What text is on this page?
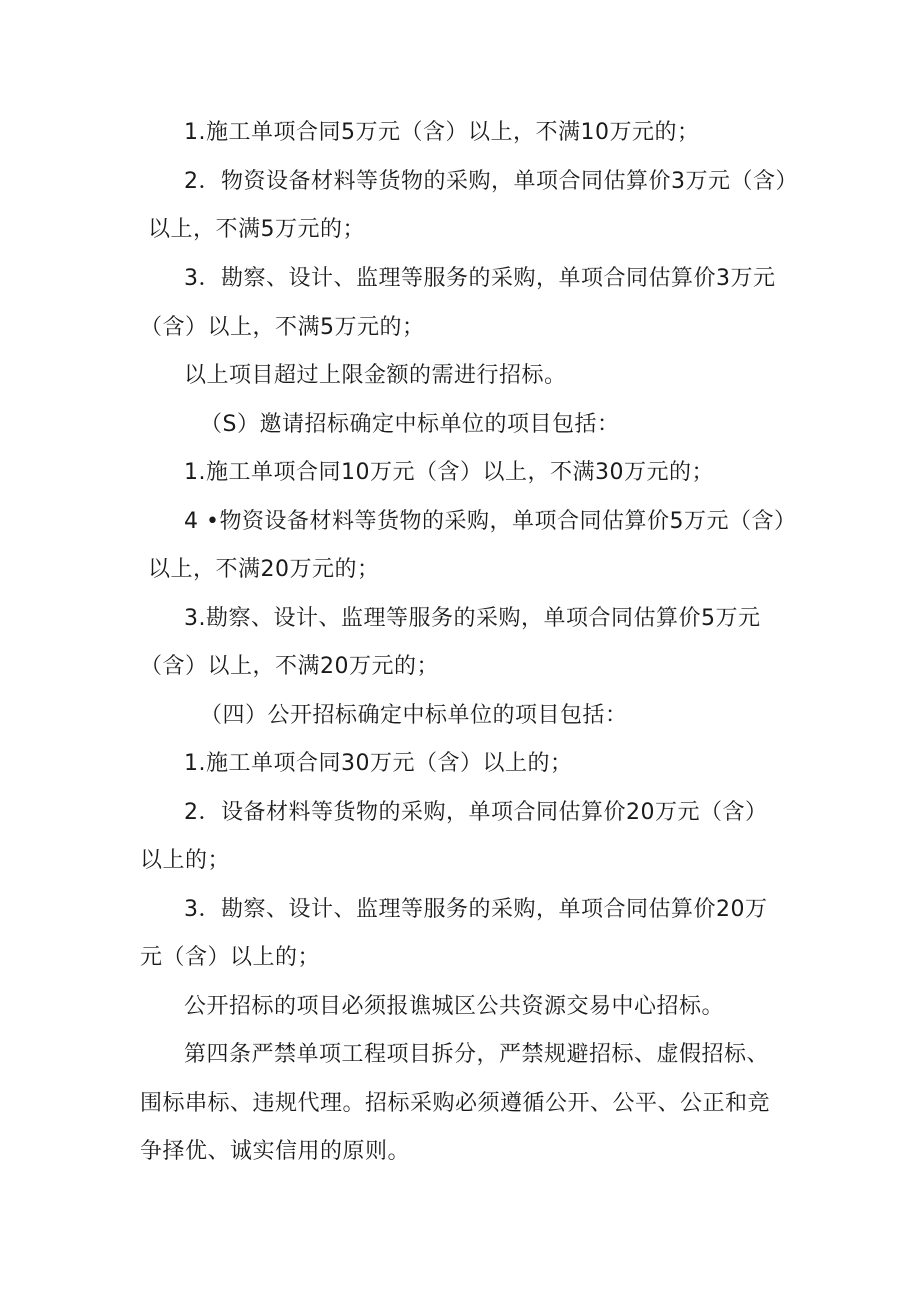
1.施工单项合同5万元（含）以上，不满10万元的；
2．物资设备材料等货物的采购，单项合同估算价3万元（含）
以上，不满5万元的；
3．勘察、设计、监理等服务的采购，单项合同估算价3万元
（含）以上，不满5万元的；
以上项目超过上限金额的需进行招标。
（S）邀请招标确定中标单位的项目包括：
1.施工单项合同10万元（含）以上，不满30万元的；
4 •物资设备材料等货物的采购，单项合同估算价5万元（含）
以上，不满20万元的；
3.勘察、设计、监理等服务的采购，单项合同估算价5万元
（含）以上，不满20万元的；
（四）公开招标确定中标单位的项目包括：
1.施工单项合同30万元（含）以上的；
2．设备材料等货物的采购，单项合同估算价20万元（含）
以上的；
3．勘察、设计、监理等服务的采购，单项合同估算价20万
元（含）以上的；
公开招标的项目必须报谯城区公共资源交易中心招标。
第四条严禁单项工程项目拆分，严禁规避招标、虚假招标、
围标串标、违规代理。招标采购必须遵循公开、公平、公正和竞
争择优、诚实信用的原则。
